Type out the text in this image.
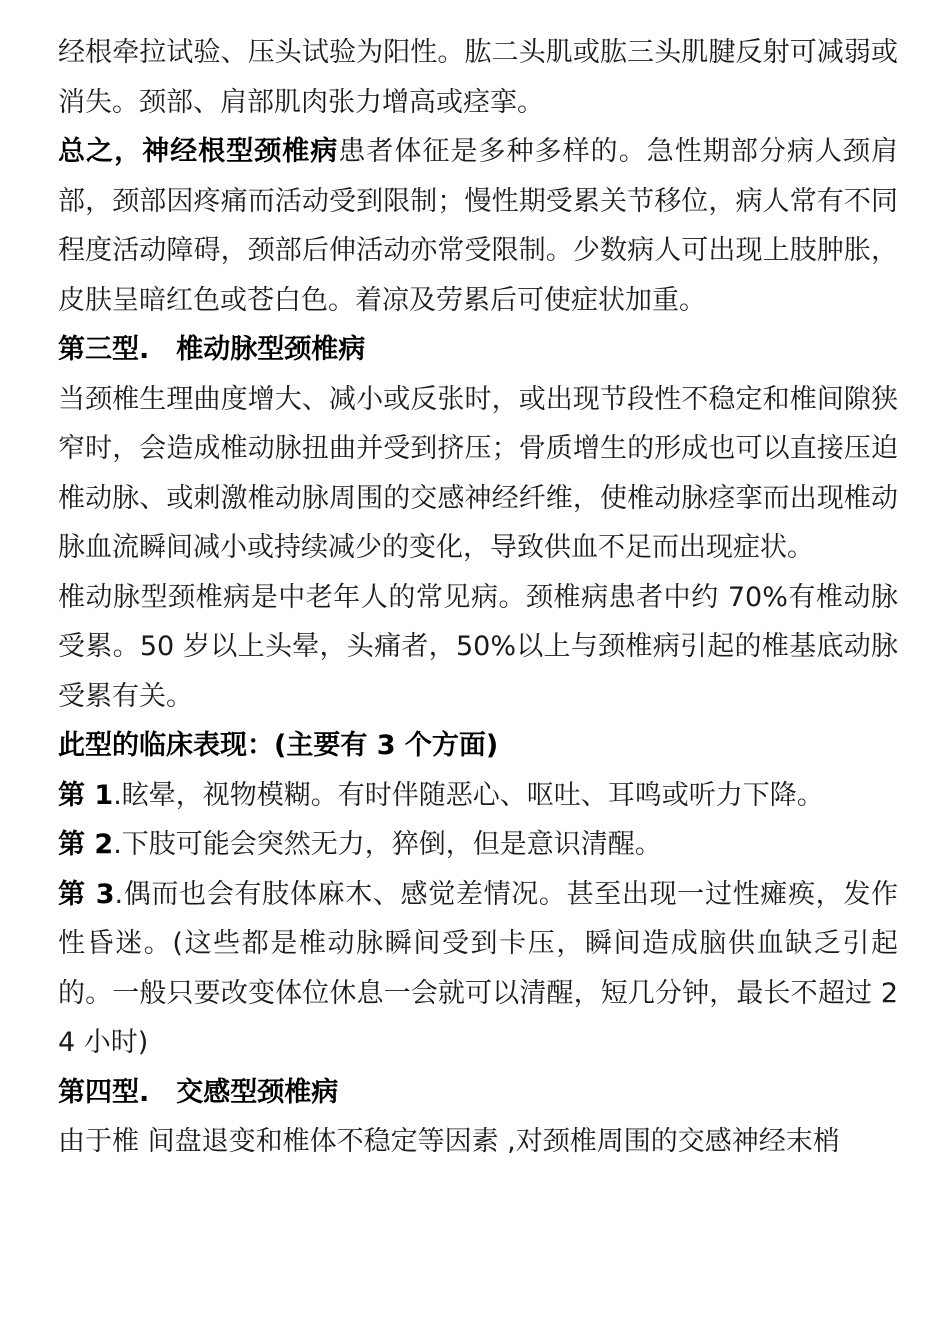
经根牵拉试验、压头试验为阳性。肱二头肌或肱三头肌腱反射可减弱或消失。颈部、肩部肌肉张力增高或痉挛。

总之，神经根型颈椎病患者体征是多种多样的。急性期部分病人颈肩部，颈部因疼痛而活动受到限制；慢性期受累关节移位，病人常有不同程度活动障碍，颈部后伸活动亦常受限制。少数病人可出现上肢肿胀，皮肤呈暗红色或苍白色。着凉及劳累后可使症状加重。

第三型.　椎动脉型颈椎病

当颈椎生理曲度增大、减小或反张时，或出现节段性不稳定和椎间隙狭窄时，会造成椎动脉扭曲并受到挤压；骨质增生的形成也可以直接压迫椎动脉、或刺激椎动脉周围的交感神经纤维，使椎动脉痉挛而出现椎动脉血流瞬间减小或持续减少的变化，导致供血不足而出现症状。

椎动脉型颈椎病是中老年人的常见病。颈椎病患者中约 70%有椎动脉受累。50 岁以上头晕，头痛者，50%以上与颈椎病引起的椎基底动脉受累有关。

此型的临床表现：(主要有 3 个方面)

第 1.眩晕，视物模糊。有时伴随恶心、呕吐、耳鸣或听力下降。

第 2.下肢可能会突然无力，猝倒，但是意识清醒。

第 3.偶而也会有肢体麻木、感觉差情况。甚至出现一过性瘫痪，发作性昏迷。(这些都是椎动脉瞬间受到卡压，瞬间造成脑供血缺乏引起的。一般只要改变体位休息一会就可以清醒，短几分钟，最长不超过 24 小时)

第四型.　交感型颈椎病

由于椎 间盘退变和椎体不稳定等因素 ,对颈椎周围的交感神经末梢
